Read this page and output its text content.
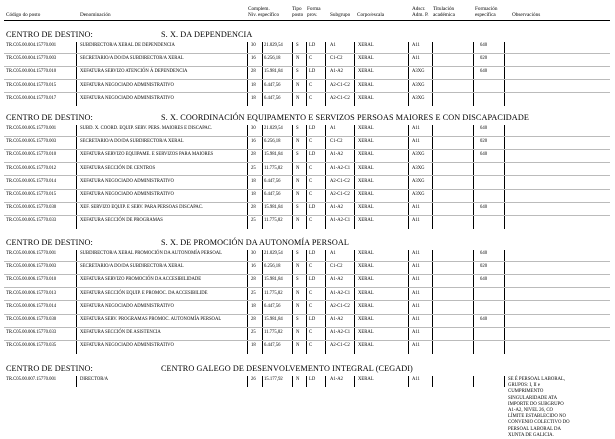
Código do posto	Denominación
Complem.
Niv. específico
Tipo
posto
Forma
prov.	Subgrupo Corpo/escala
Adscr.
Adm. P.
Titulación
académica
Formación
específica	Observacións
CENTRO DE DESTINO:	S. X. DA DEPENDENCIA
TR.C05.00.004.15770.001	SUBDIRECTOR/A XERAL DE DEPENDENCIA	30 21.029,54	S LD	A1	XERAL	A11	640
TR.C05.00.004.15770.003	SECRETARIO/A DO/DA SUBDIRECTOR/A XERAL	16 6.256,18	N C	C1-C2	XERAL	A11	020
TR.C05.00.004.15770.010	XEFATURA SERVIZO ATENCIÓN Á DEPENDENCIA	28 15.981,84	S LD	A1-A2	XERAL	A3XG	640
TR.C05.00.004.15770.015	XEFATURA NEGOCIADO ADMINISTRATIVO	18 6.447,56	N C	A2-C1-C2 XERAL	A3XG
TR.C05.00.004.15770.017	XEFATURA NEGOCIADO ADMINISTRATIVO	18 6.447,56	N C	A2-C1-C2 XERAL	A3XG
CENTRO DE DESTINO:	S. X. COORDINACIÓN EQUIPAMENTO E SERVIZOS PERSOAS MAIORES E CON DISCAPACIDADE
TR.C05.00.005.15770.001	SUBD. X. COORD. EQUIP. SERV. PERS. MAIORES E DISCAPAC.	30 21.029,54	S LD	A1	XERAL	A11	640
TR.C05.00.005.15770.003	SECRETARIO/A DO/DA SUBDIRECTOR/A XERAL	16 6.256,18	N C	C1-C2	XERAL	A11	020
TR.C05.00.005.15770.010	XEFATURA SERVIZO EQUIPAME. E SERVIZOS PARA MAIORES	28 15.981,84	S LD	A1-A2	XERAL	A3XG	640
TR.C05.00.005.15770.012	XEFATURA SECCIÓN DE CENTROS	25 11.775,82	N C	A1-A2-C1 XERAL	A3XG
TR.C05.00.005.15770.014	XEFATURA NEGOCIADO ADMINISTRATIVO	18 6.447,56	N C	A2-C1-C2 XERAL	A3XG
TR.C05.00.005.15770.015	XEFATURA NEGOCIADO ADMINISTRATIVO	18 6.447,56	N C	A2-C1-C2 XERAL	A3XG
TR.C05.00.005.15770.030	XEF. SERVIZO EQUIP. E SERV. PARA PERSOAS DISCAPAC.	28 15.981,84	S LD	A1-A2	XERAL	A11	640
TR.C05.00.005.15770.033	XEFATURA SECCIÓN DE PROGRAMAS	25 11.775,82	N C	A1-A2-C1 XERAL	A11
CENTRO DE DESTINO:	S. X. DE PROMOCIÓN DA AUTONOMÍA PERSOAL
TR.C05.00.006.15770.001	SUBDIRECTOR/A XERAL PROMOCIÓN DA AUTONOMÍA PERSOAL	30 21.029,54	S LD	A1	XERAL	A11	640
TR.C05.00.006.15770.003	SECRETARIO/A DO/DA SUBDIRECTOR/A XERAL	16 6.256,18	N C	C1-C2	XERAL	A11	020
TR.C05.00.006.15770.010	XEFATURA SERVIZO PROMOCIÓN DA ACCESIBILIDADE	28 15.981,84	S LD	A1-A2	XERAL	A11	640
TR.C05.00.006.15770.013	XEFATURA SECCIÓN EQUIP. E PROMOC. DA ACCESIBILIDE	25 11.775,82	N C	A1-A2-C1 XERAL	A11
TR.C05.00.006.15770.014	XEFATURA NEGOCIADO ADMINISTRATIVO	18 6.447,56	N C	A2-C1-C2 XERAL	A11
TR.C05.00.006.15770.030	XEFATURA SERV. PROGRAMAS PROMOC. AUTONOMÍA PERSOAL	28 15.981,84	S LD	A1-A2	XERAL	A11	640
TR.C05.00.006.15770.033	XEFATURA SECCIÓN DE ASISTENCIA	25 11.775,82	N C	A1-A2-C1 XERAL	A11
TR.C05.00.006.15770.035	XEFATURA NEGOCIADO ADMINISTRATIVO	18 6.447,56	N C	A2-C1-C2 XERAL	A11
CENTRO DE DESTINO:	CENTRO GALEGO DE DESENVOLVEMENTO INTEGRAL (CEGADI)
TR.C05.00.007.15770.001	DIRECTOR/A	26 15.177,92	N LD	A1-A2	XERAL	A11	SE É PERSOAL LABORAL, GRUPOS: I, II e CUMPRIMENTO SINGULARIDADE ATA IMPORTE DO SUBGRUPO A1-A2, NIVEL 26, CO LÍMITE ESTABLECIDO NO CONVENIO COLECTIVO DO PERSOAL LABORAL DA XUNTA DE GALICIA.
